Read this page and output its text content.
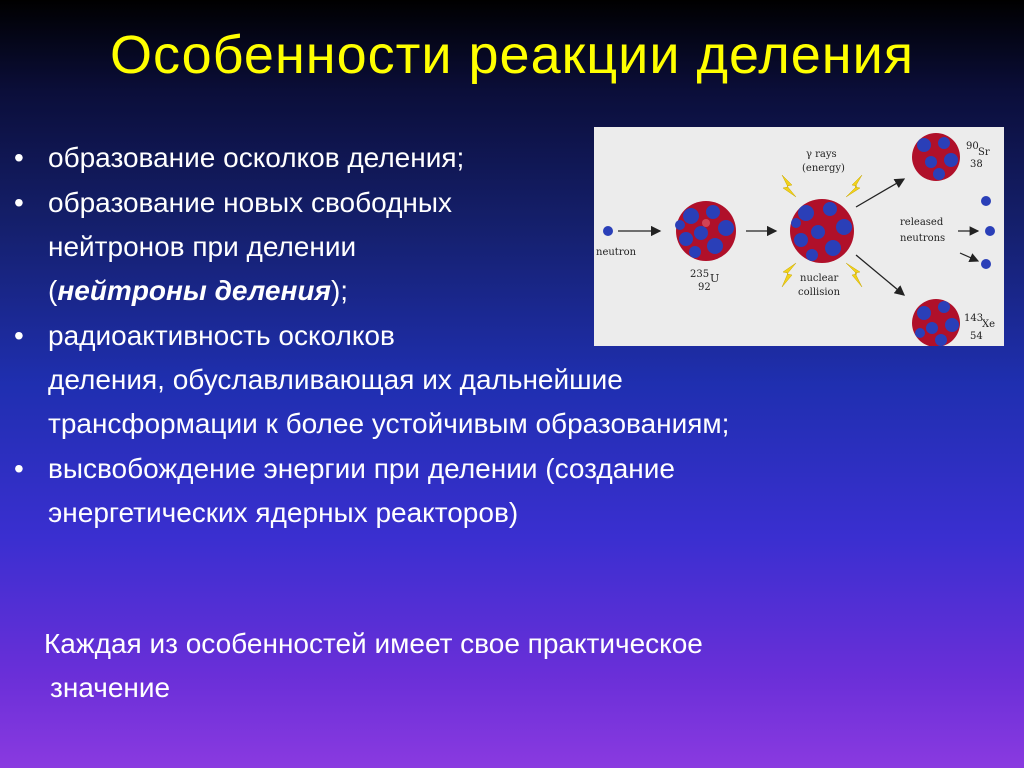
Особенности реакции деления
• образование осколков деления;
• образование новых свободных
нейтронов при делении
(нейтроны деления);
• радиоактивность осколков
деления, обуславливающая их дальнейшие
трансформации к более устойчивым образованиям;
• высвобождение энергии при делении (создание
энергетических ядерных реакторов)
Каждая из особенностей имеет свое практическое
значение
neutron
235 U
92
γ rays
(energy)
nuclear
collision
90
Sr
38
released
neutrons
143
Xe
54
